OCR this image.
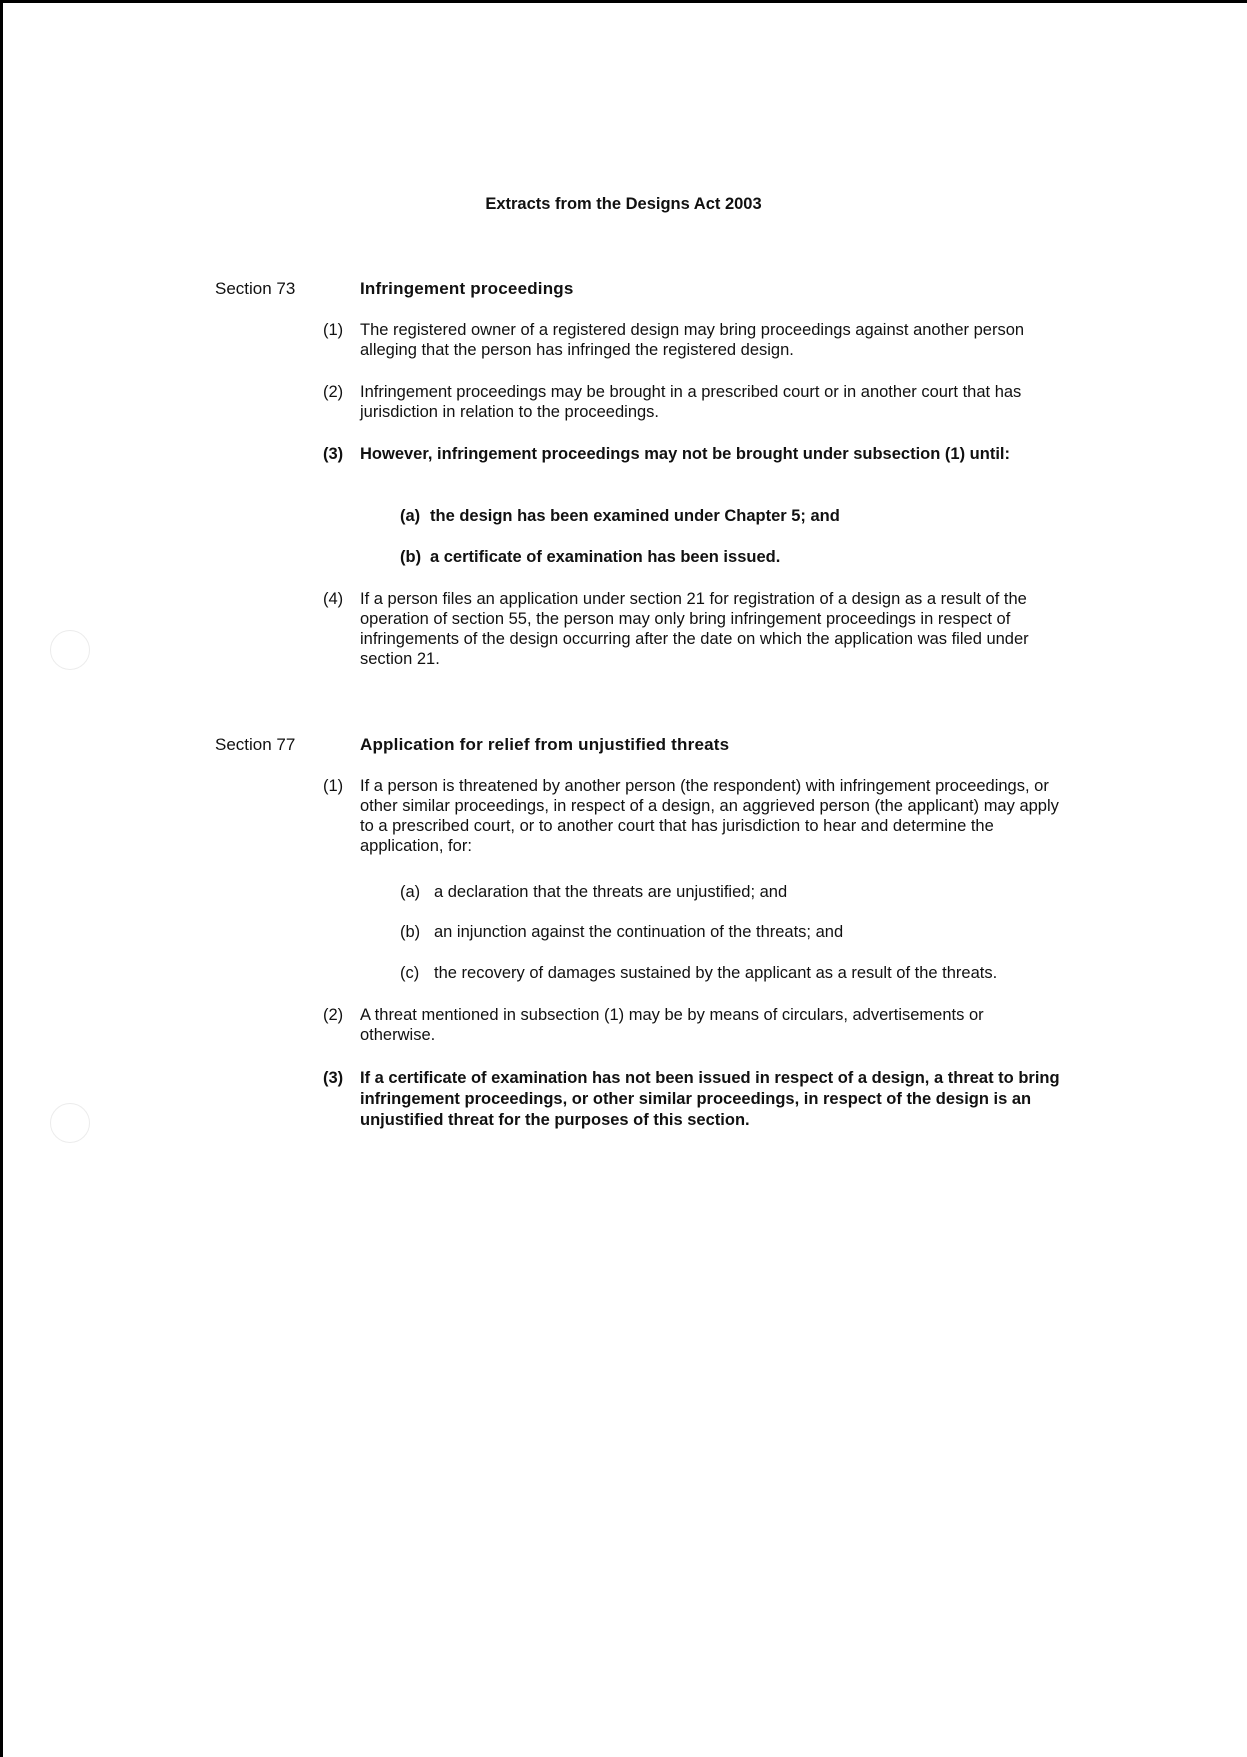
Extracts from the Designs Act 2003
Section 73	Infringement proceedings
(1) The registered owner of a registered design may bring proceedings against another person alleging that the person has infringed the registered design.
(2) Infringement proceedings may be brought in a prescribed court or in another court that has jurisdiction in relation to the proceedings.
(3) However, infringement proceedings may not be brought under subsection (1) until:
(a) the design has been examined under Chapter 5; and
(b) a certificate of examination has been issued.
(4) If a person files an application under section 21 for registration of a design as a result of the operation of section 55, the person may only bring infringement proceedings in respect of infringements of the design occurring after the date on which the application was filed under section 21.
Section 77	Application for relief from unjustified threats
(1) If a person is threatened by another person (the respondent) with infringement proceedings, or other similar proceedings, in respect of a design, an aggrieved person (the applicant) may apply to a prescribed court, or to another court that has jurisdiction to hear and determine the application, for:
(a) a declaration that the threats are unjustified; and
(b) an injunction against the continuation of the threats; and
(c) the recovery of damages sustained by the applicant as a result of the threats.
(2) A threat mentioned in subsection (1) may be by means of circulars, advertisements or otherwise.
(3) If a certificate of examination has not been issued in respect of a design, a threat to bring infringement proceedings, or other similar proceedings, in respect of the design is an unjustified threat for the purposes of this section.
